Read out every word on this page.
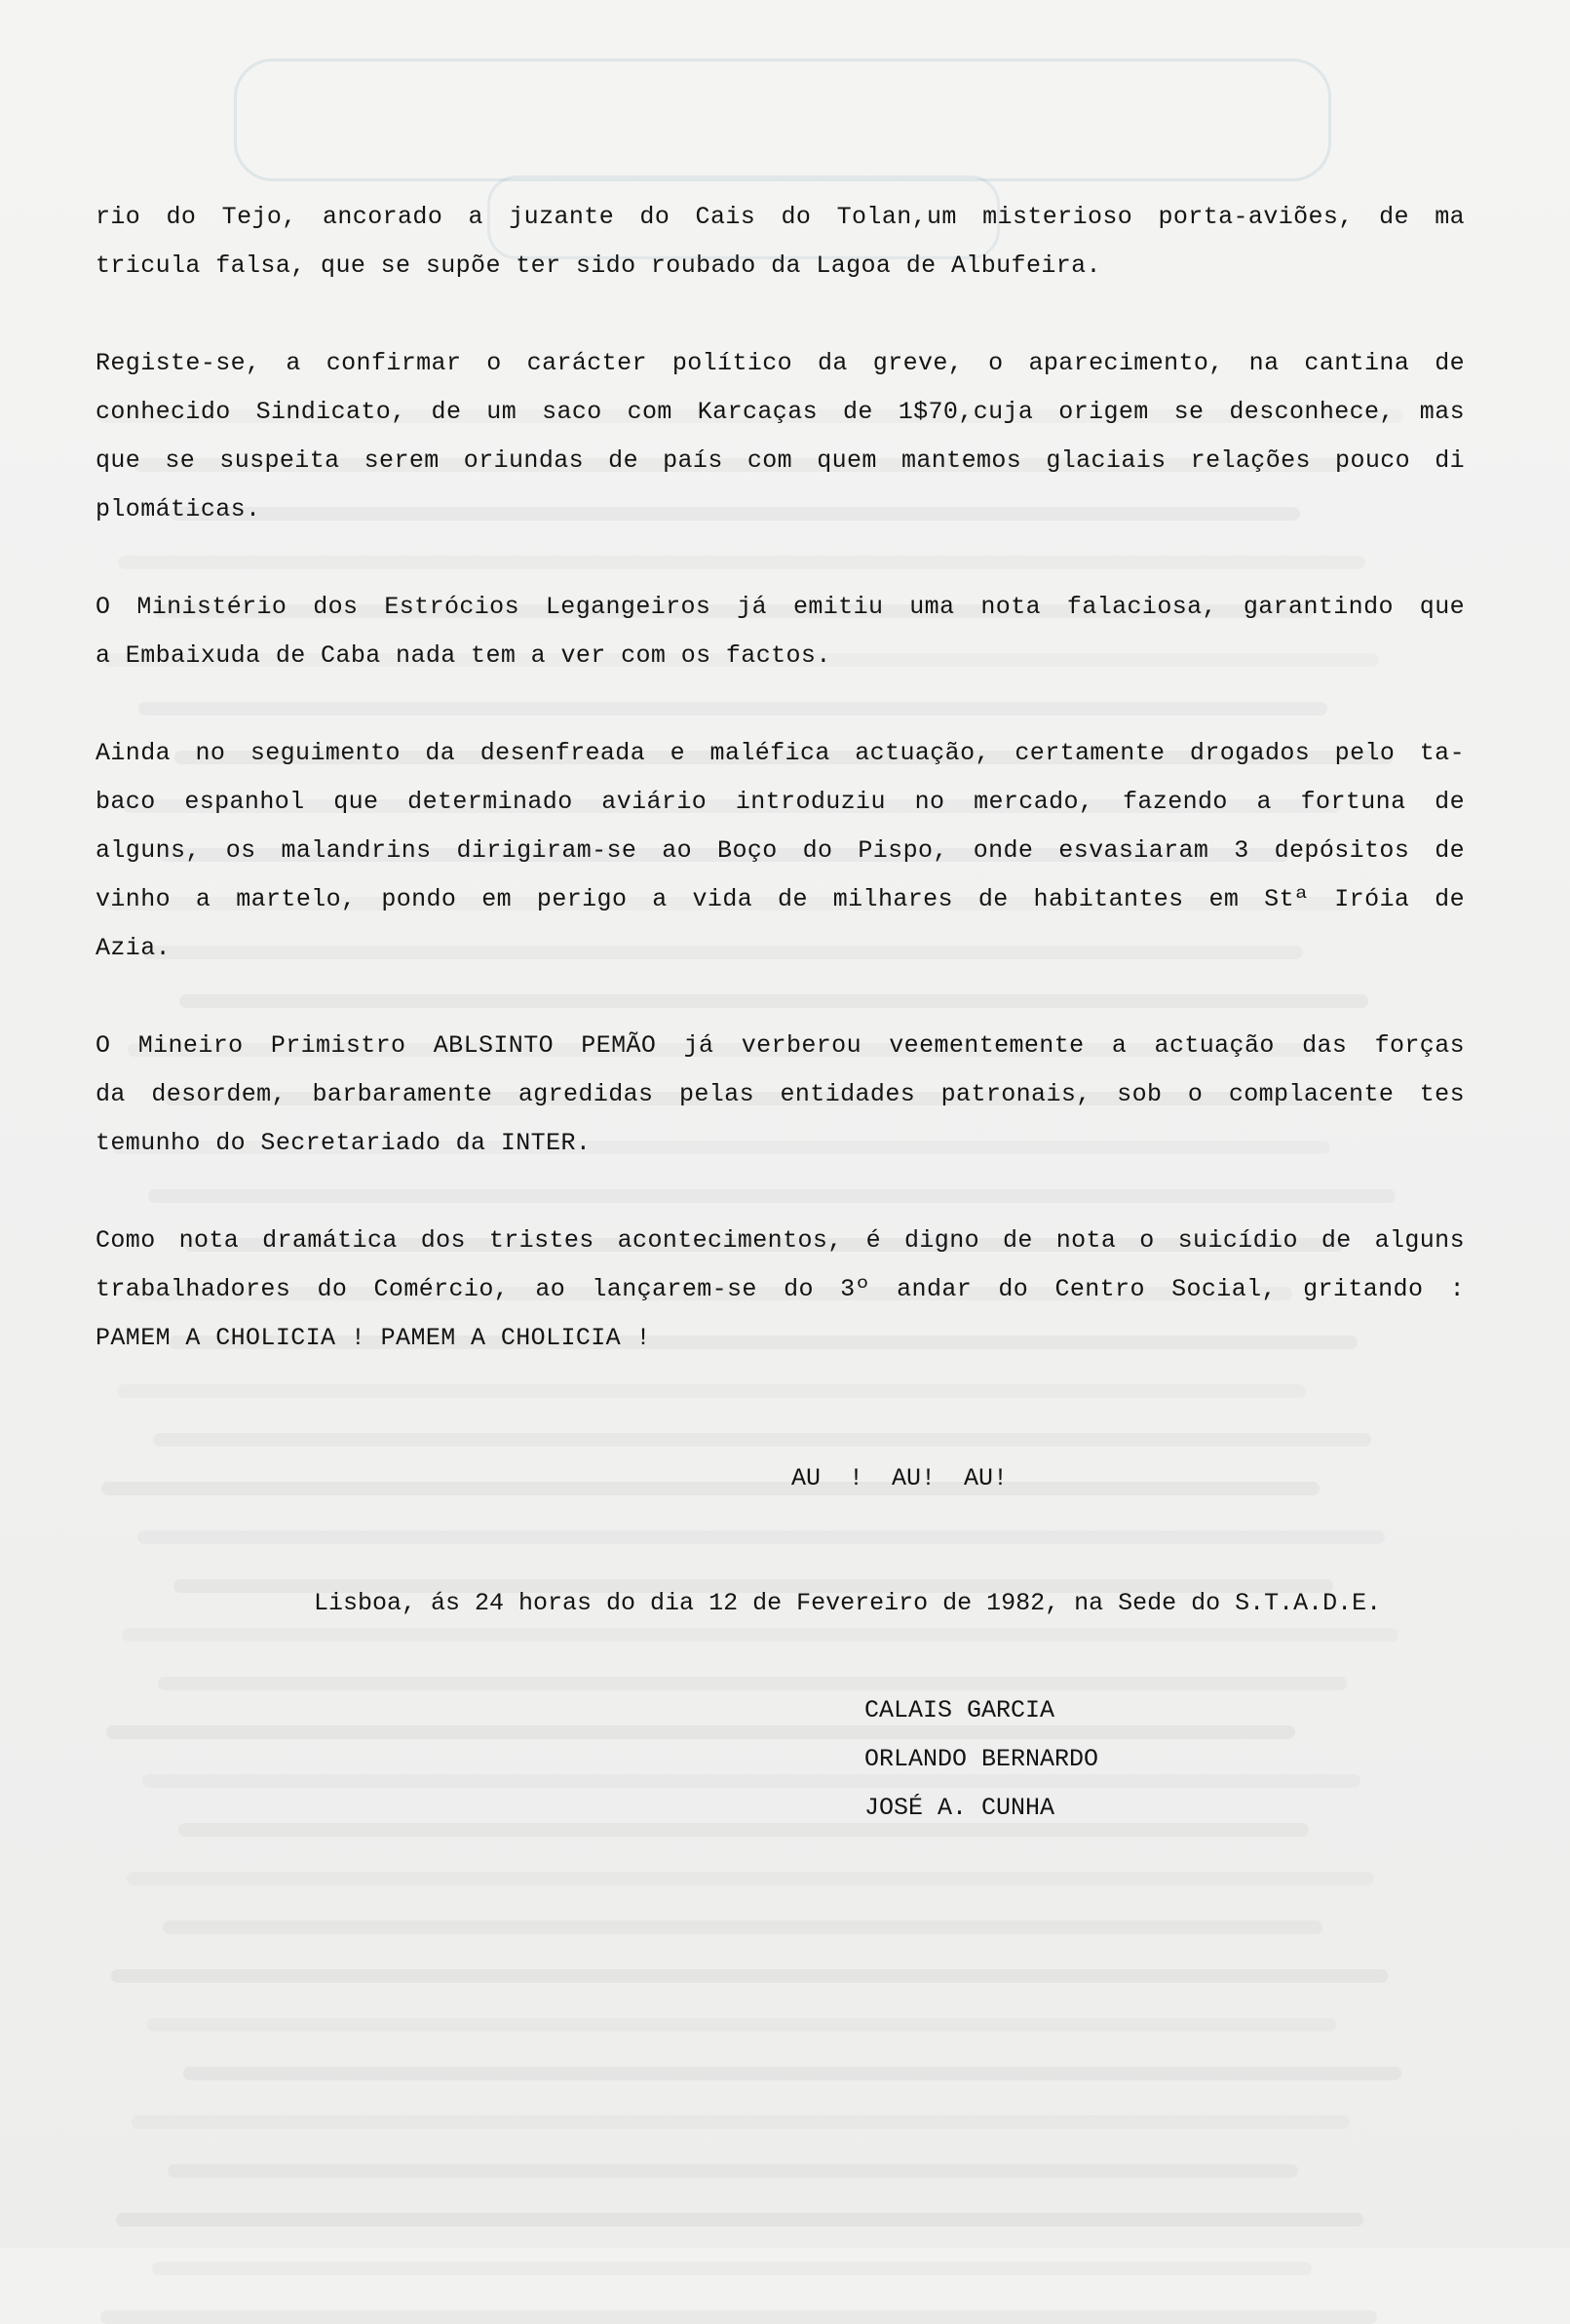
rio do Tejo, ancorado a juzante do Cais do Tolan,um misterioso porta-aviões, de ma
tricula falsa, que se supõe ter sido roubado da Lagoa de Albufeira.

Registe-se, a confirmar o carácter político da greve, o aparecimento, na cantina de
conhecido Sindicato, de um saco com Karcaças de 1$70,cuja origem se desconhece, mas
que se suspeita serem oriundas de país com quem mantemos glaciais relações pouco di
plomáticas.

O Ministério dos Estrócios Legangeiros já emitiu uma nota falaciosa, garantindo que
a Embaixuda de Caba nada tem a ver com os factos.

Ainda no seguimento da desenfreada e maléfica actuação, certamente drogados pelo ta-
baco espanhol que determinado aviário introduziu no mercado, fazendo a fortuna de
alguns, os malandrins dirigiram-se ao Boço do Pispo, onde esvasiaram 3 depósitos de
vinho a martelo, pondo em perigo a vida de milhares de habitantes em Stª Iróia de
Azia.

O Mineiro Primistro ABLSINTO PEMÃO já verberou veementemente a actuação das forças
da desordem, barbaramente agredidas pelas entidades patronais, sob o complacente tes
temunho do Secretariado da INTER.

Como nota dramática dos tristes acontecimentos, é digno de nota o suicídio de alguns
trabalhadores do Comércio, ao lançarem-se do 3º andar do Centro Social, gritando :
PAMEM A CHOLICIA ! PAMEM A CHOLICIA !

AU ! AU! AU!
Lisboa, ás 24 horas do dia 12 de Fevereiro de 1982, na Sede do S.T.A.D.E.
CALAIS GARCIA
ORLANDO BERNARDO
JOSÉ A. CUNHA
